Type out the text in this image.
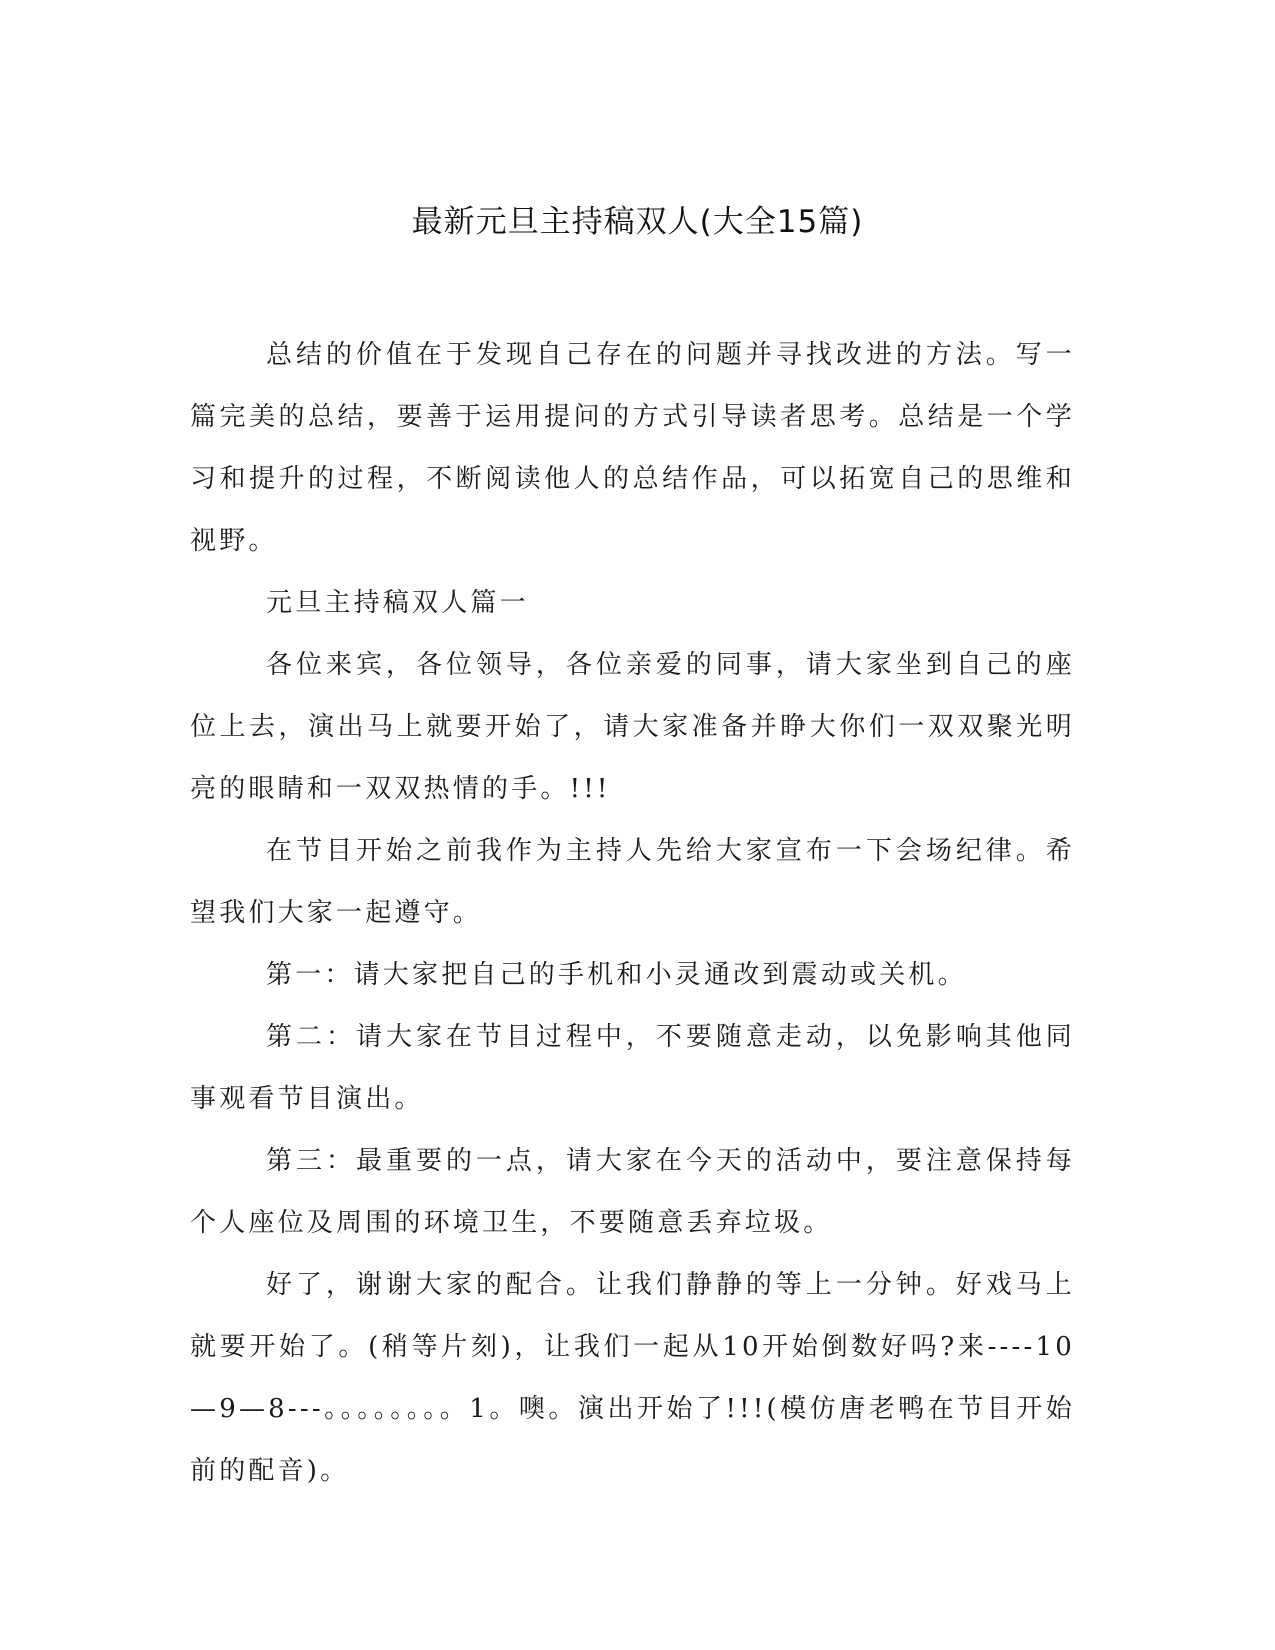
最新元旦主持稿双人(大全15篇)

总结的价值在于发现自己存在的问题并寻找改进的方法。写一篇完美的总结，要善于运用提问的方式引导读者思考。总结是一个学习和提升的过程，不断阅读他人的总结作品，可以拓宽自己的思维和视野。

元旦主持稿双人篇一

各位来宾，各位领导，各位亲爱的同事，请大家坐到自己的座位上去，演出马上就要开始了，请大家准备并睁大你们一双双聚光明亮的眼睛和一双双热情的手。!!!

在节目开始之前我作为主持人先给大家宣布一下会场纪律。希望我们大家一起遵守。

第一：请大家把自己的手机和小灵通改到震动或关机。

第二：请大家在节目过程中，不要随意走动，以免影响其他同事观看节目演出。

第三：最重要的一点，请大家在今天的活动中，要注意保持每个人座位及周围的环境卫生，不要随意丢弃垃圾。

好了，谢谢大家的配合。让我们静静的等上一分钟。好戏马上就要开始了。(稍等片刻)，让我们一起从10开始倒数好吗?来----10—9—8---。。。。。。。。1。噢。演出开始了!!!(模仿唐老鸭在节目开始前的配音)。
